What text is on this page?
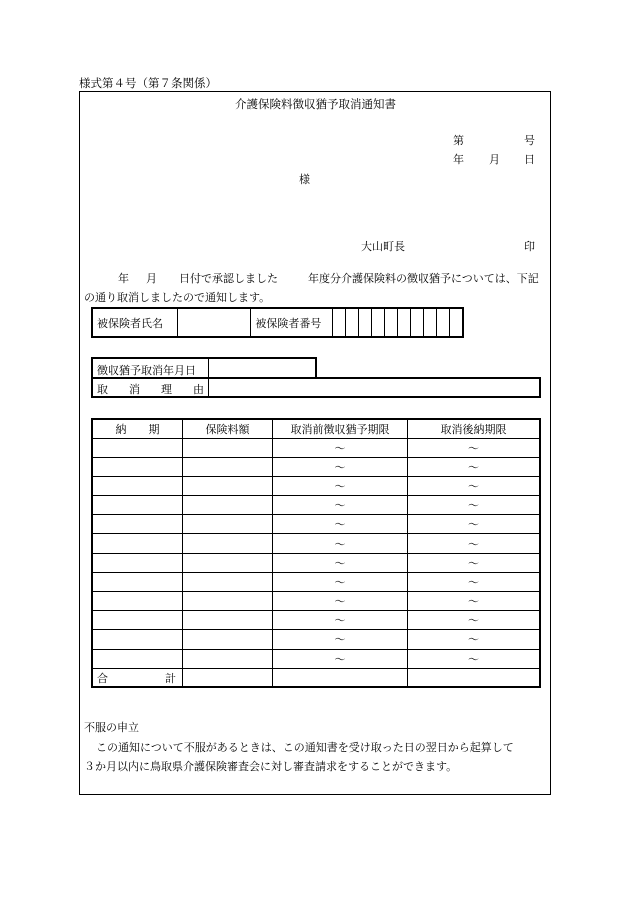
様式第４号（第７条関係）
介護保険料徴収猶予取消通知書
第	号
年 月 日
様
大山町長	印
年 月 日付で承認しました	年度分介護保険料の徴収猶予については、下記
の通り取消しましたので通知します。
被保険者氏名		被保険者番号										
徴収猶予取消年月日
取 消 理 由
納　　期	保険料額	取消前徴収猶予期限	取消後納期限
		～	～
		～	～
		～	～
		～	～
		～	～
		～	～
		～	～
		～	～
		～	～
		～	～
		～	～
		～	～

合 計			

不服の申立
この通知について不服があるときは、この通知書を受け取った日の翌日から起算して
３か月以内に鳥取県介護保険審査会に対し審査請求をすることができます。
